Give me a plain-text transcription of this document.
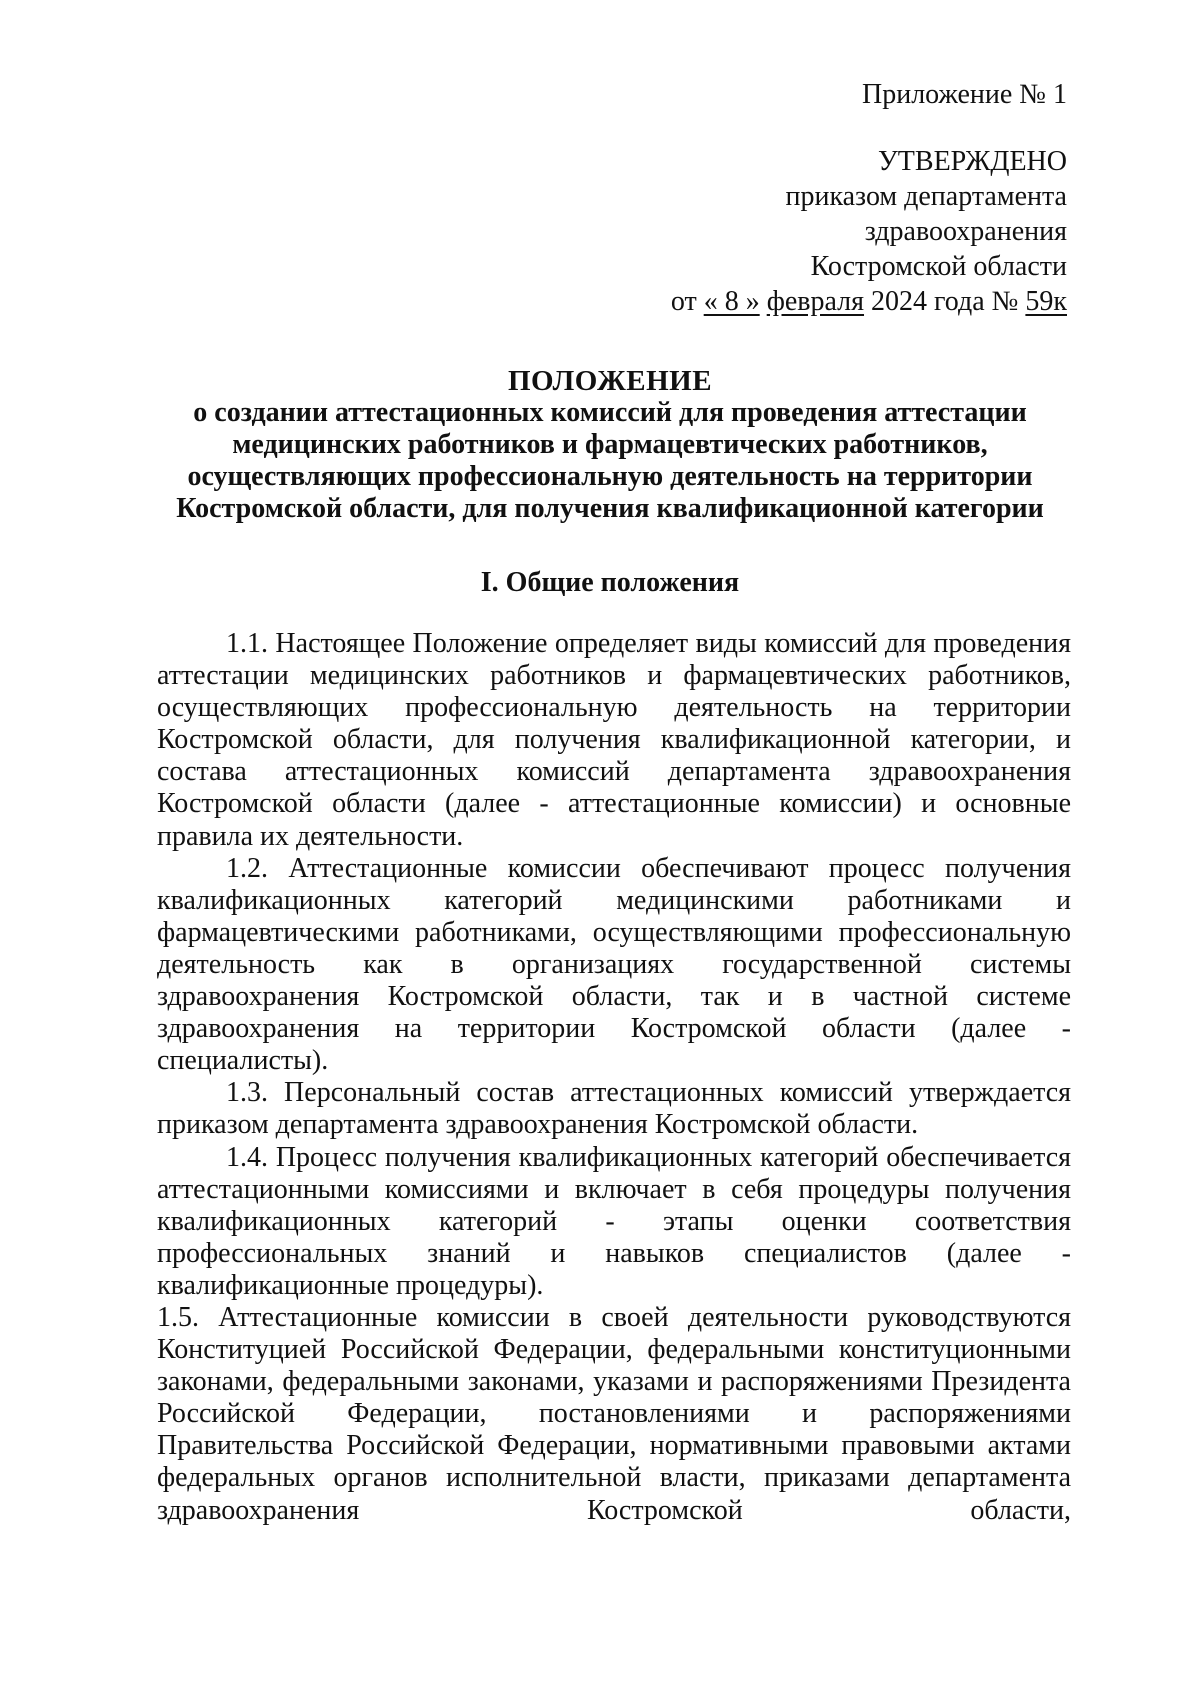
Приложение № 1
УТВЕРЖДЕНО
приказом департамента
здравоохранения
Костромской области
от « 8 » февраля 2024 года № 59к
ПОЛОЖЕНИЕ
о создании аттестационных комиссий для проведения аттестации
медицинских работников и фармацевтических работников,
осуществляющих профессиональную деятельность на территории
Костромской области, для получения квалификационной категории
I. Общие положения

1.1. Настоящее Положение определяет виды комиссий для проведения аттестации медицинских работников и фармацевтических работников, осуществляющих профессиональную деятельность на территории Костромской области, для получения квалификационной категории, и состава аттестационных комиссий департамента здравоохранения Костромской области (далее - аттестационные комиссии) и основные правила их деятельности.

1.2. Аттестационные комиссии обеспечивают процесс получения квалификационных категорий медицинскими работниками и фармацевтическими работниками, осуществляющими профессиональную деятельность как в организациях государственной системы здравоохранения Костромской области, так и в частной системе здравоохранения на территории Костромской области (далее - специалисты).

1.3. Персональный состав аттестационных комиссий утверждается приказом департамента здравоохранения Костромской области.

1.4. Процесс получения квалификационных категорий обеспечивается аттестационными комиссиями и включает в себя процедуры получения квалификационных категорий - этапы оценки соответствия профессиональных знаний и навыков специалистов (далее - квалификационные процедуры).

1.5. Аттестационные комиссии в своей деятельности руководствуются Конституцией Российской Федерации, федеральными конституционными законами, федеральными законами, указами и распоряжениями Президента Российской Федерации, постановлениями и распоряжениями Правительства Российской Федерации, нормативными правовыми актами федеральных органов исполнительной власти, приказами департамента здравоохранения Костромской области,
